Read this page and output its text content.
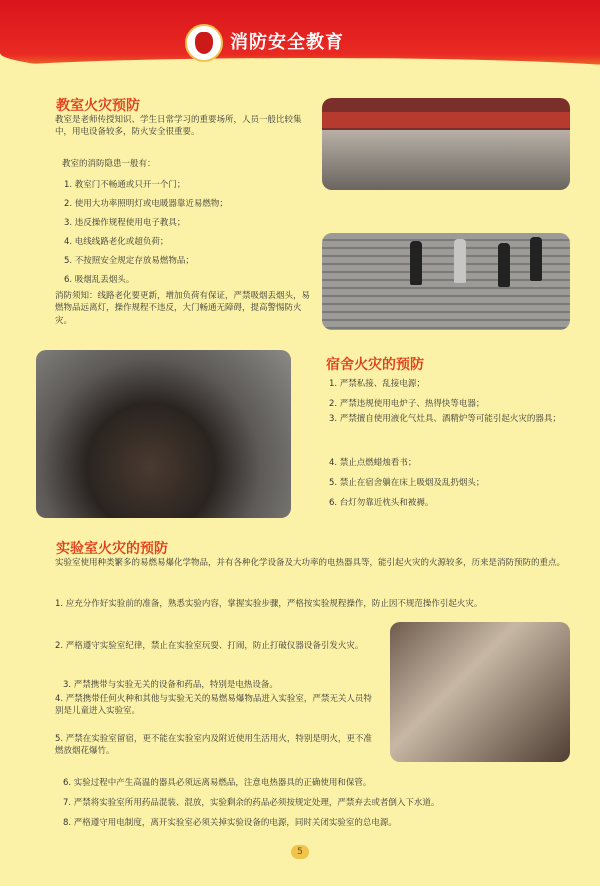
消防安全教育
教室火灾预防

教室是老师传授知识、学生日常学习的重要场所，人员一般比较集中，用电设备较多，防火安全很重要。

教室的消防隐患一般有：
1. 教室门不畅通或只开一个门；
2. 使用大功率照明灯或电暖器靠近易燃物；
3. 违反操作规程使用电子教具；
4. 电线线路老化或超负荷；
5. 不按照安全规定存放易燃物品；
6. 吸烟乱丢烟头。

消防须知：线路老化要更新，增加负荷有保证，严禁吸烟丢烟头，易燃物品远离灯，操作规程不违反，大门畅通无障碍，提高警惕防火灾。

宿舍火灾的预防
1. 严禁私接、乱接电源；
2. 严禁违规使用电炉子、热得快等电器；

3. 严禁擅自使用液化气灶具、酒精炉等可能引起火灾的器具；

4. 禁止点燃蜡烛看书；
5. 禁止在宿舍躺在床上吸烟及乱扔烟头；
6. 台灯勿靠近枕头和被褥。
实验室火灾的预防

实验室使用种类繁多的易燃易爆化学物品，并有各种化学设备及大功率的电热器具等，能引起火灾的火源较多，历来是消防预防的重点。

1. 应充分作好实验前的准备，熟悉实验内容，掌握实验步骤，严格按实验规程操作，防止因不规范操作引起火灾。

2. 严格遵守实验室纪律，禁止在实验室玩耍、打闹，防止打破仪器设备引发火灾。

3. 严禁携带与实验无关的设备和药品，特别是电热设备。

4. 严禁携带任何火种和其他与实验无关的易燃易爆物品进入实验室，严禁无关人员特别是儿童进入实验室。

5. 严禁在实验室留宿，更不能在实验室内及附近使用生活用火，特别是明火，更不准燃放烟花爆竹。

6. 实验过程中产生高温的器具必须远离易燃品，注意电热器具的正确使用和保管。
7. 严禁将实验室所用药品混装、混放，实验剩余的药品必须按规定处理，严禁弃去或者倒入下水道。
8. 严格遵守用电制度，离开实验室必须关掉实验设备的电源，同时关闭实验室的总电源。
5
